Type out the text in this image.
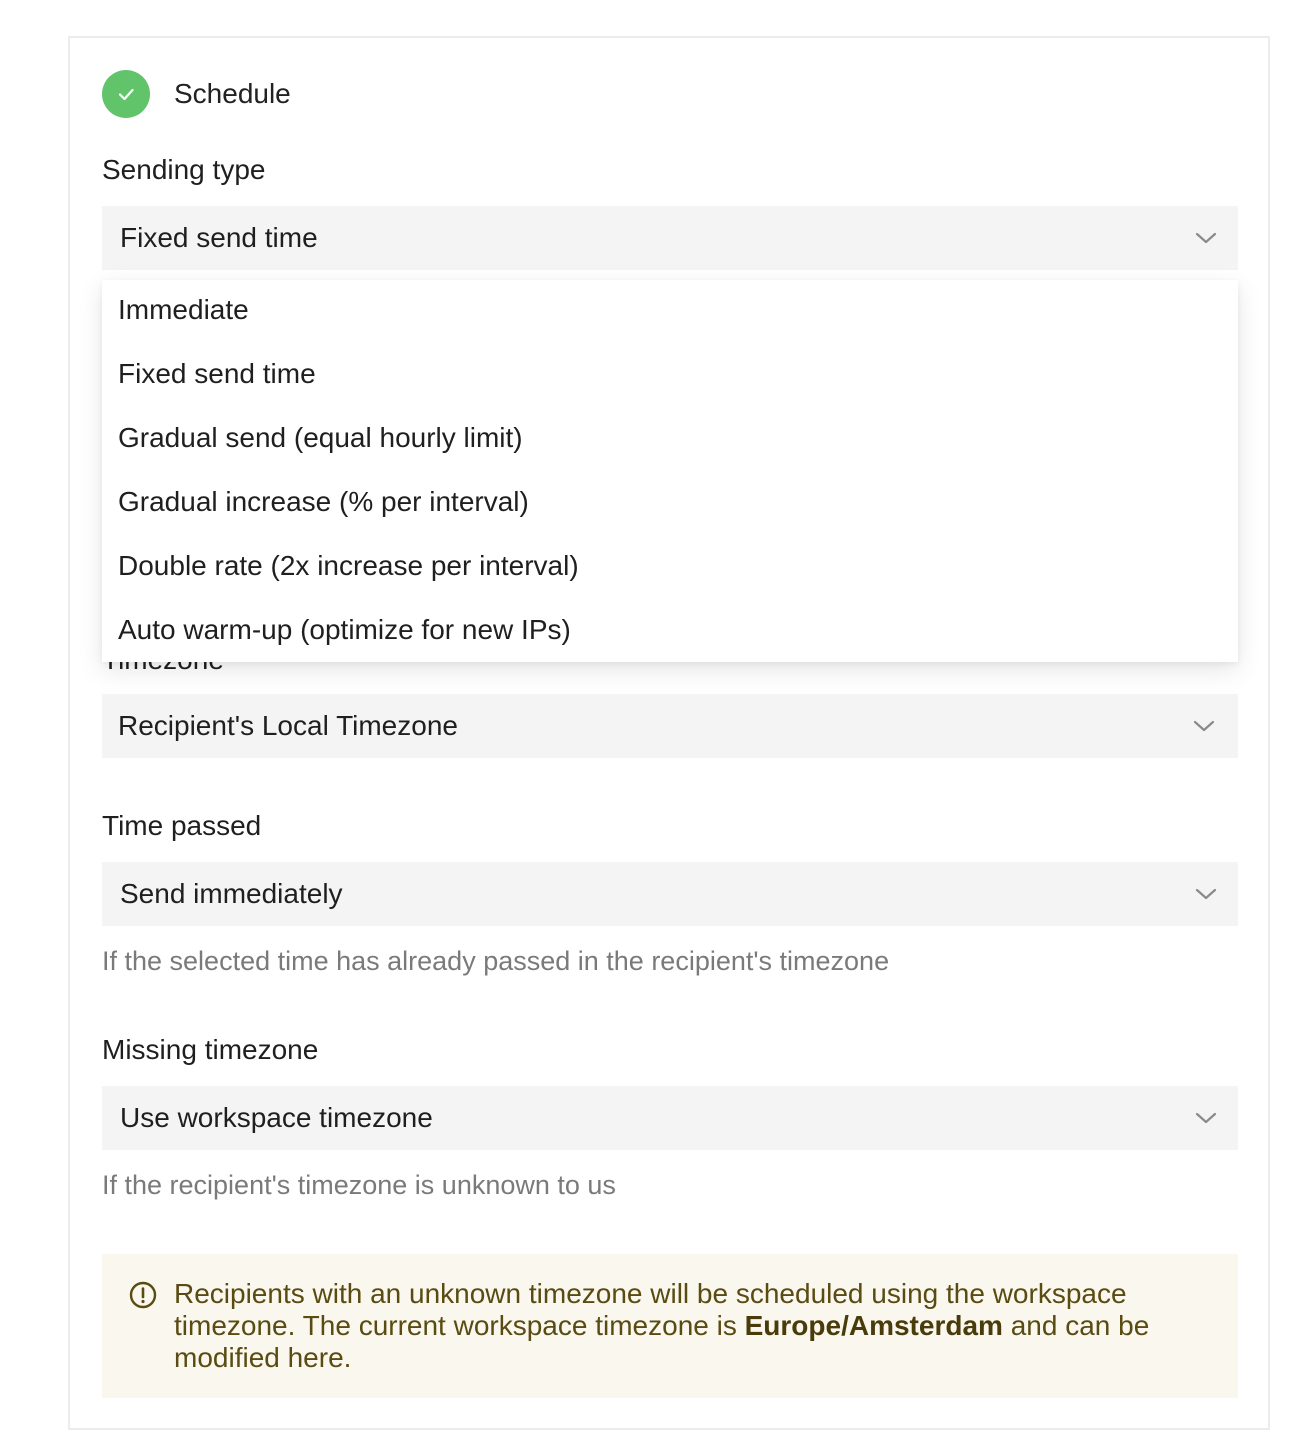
Schedule
Sending type
Fixed send time
Immediate
Fixed send time
Gradual send (equal hourly limit)
Gradual increase (% per interval)
Double rate (2x increase per interval)
Auto warm-up (optimize for new IPs)
Recipient's Local Timezone
Time passed
Send immediately
If the selected time has already passed in the recipient's timezone
Missing timezone
Use workspace timezone
If the recipient's timezone is unknown to us
Recipients with an unknown timezone will be scheduled using the workspace timezone. The current workspace timezone is Europe/Amsterdam and can be modified here.
